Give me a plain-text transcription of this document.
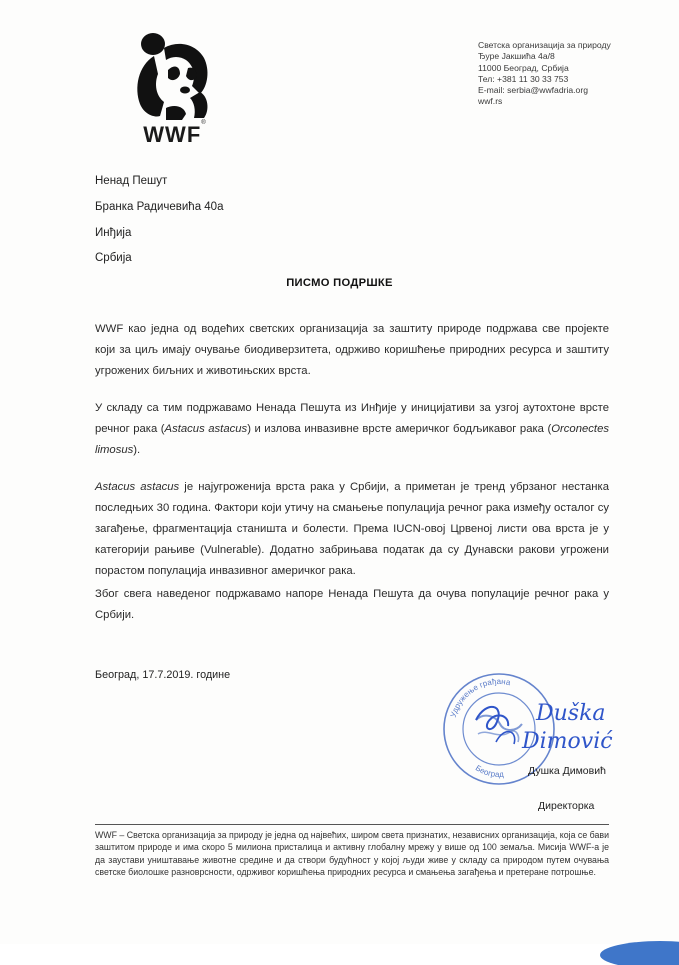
WWF®
Светска организација за природу
Ђуре Јакшића 4а/8
11000 Београд, Србија
Тел: +381 11 30 33 753
E-mail: serbia@wwfadria.org
wwf.rs
Ненад Пешут
Бранка Радичевића 40а
Инђија
Србија
ПИСМО ПОДРШКЕ
WWF као једна од водећих светских организација за заштиту природе подржава све пројекте који за циљ имају очување биодиверзитета, одрживо коришћење природних ресурса и заштиту угрожених биљних и животињских врста.
У складу са тим подржавамо Ненада Пешута из Инђије у иницијативи за узгој аутохтоне врсте речног рака (Astacus astacus) и излова инвазивне врсте америчког бодљикавог рака (Orconectes limosus).
Astacus astacus је најугроженија врста рака у Србији, а приметан је тренд убрзаног нестанка последњих 30 година. Фактори који утичу на смањење популација речног рака између осталог су загађење, фрагментација станишта и болести. Према IUCN-овој Црвеној листи ова врста је у категорији рањиве (Vulnerable). Додатно забрињава податак да су Дунавски ракови угрожени порастом популација инвазивног америчког рака.
Због свега наведеног подржавамо напоре Ненада Пешута да очува популације речног рака у Србији.
Београд, 17.7.2019. године
Удружење грађана
Београд
Duška
Dimović
Душка Димовић
Директорка
WWF – Светска организација за природу је једна од највећих, широм света признатих, независних организација, која се бави заштитом природе и има скоро 5 милиона присталица и активну глобалну мрежу у више од 100 земаља. Мисија WWF-а је да заустави уништавање животне средине и да створи будућност у којој људи живе у складу са природом путем очувања светске биолошке разноврсности, одрживог коришћења природних ресурса и смањења загађења и претеране потрошње.
